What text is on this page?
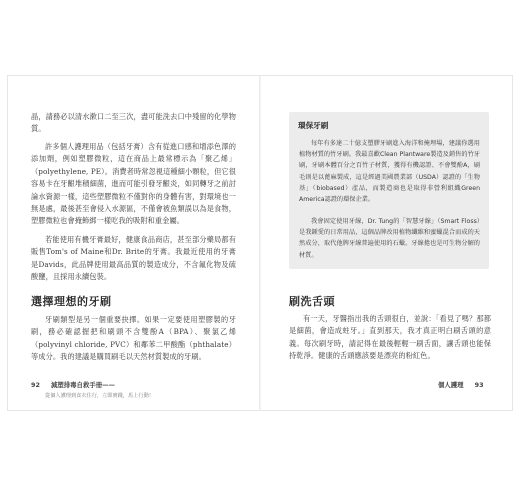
晶，請務必以清水漱口二至三次，盡可能洗去口中殘留的化學物質。

許多個人護理用品（包括牙膏）含有從進口感和增添色澤的添加劑，例如塑膠微粒，這在商品上最常標示為「聚乙烯」（polyethylene, PE）。消費者時常忽視這種細小顆粒，但它很容易卡在牙齦堆積細菌，進而可能引發牙齦炎，如同轉牙之前討論水資源一樣，這些塑膠微粒不僅對你的身體有害，對環境也一無是處，最後甚至會侵入水源區，不僅會被魚類誤以為是食物，塑膠微粒也會掩飾綁一樣吃我的吸附和重金屬。

若能使用有機牙膏最好，健康食品商店，甚至部分藥局都有販售Tom's of Maine和Dr. Brite的牙膏。我最近使用的牙膏是Davids，此品牌使用最高品質的製造成分，不含氟化物及硫酸鹽，且採用永續包裝。

選擇理想的牙刷

牙刷類型是另一個重要抉擇。如果一定要使用塑膠製的牙刷，務必確認握把和刷頭不含雙酚A（BPA）、聚氯乙烯（polyvinyl chloride, PVC）和鄰苯二甲酸酯（phthalate）等成分。我的建議是購買刷毛以天然材質製成的牙刷。

92 減塑排毒自救手冊——
從個人護理到食衣住行，立即實踐，馬上行動！
環保牙刷

每年有多達二十億支塑膠牙刷進入海洋和掩埋場，建議你選用植物材質的竹牙刷。我最喜歡Clean Plantware製造及銷售的竹牙刷，牙刷本體百分之百竹子材質，獲得有機認證、不會雙酚A，刷毛則是以蓖麻製成，這是經過美國農業部（USDA）認證的「生物基」（biobased）產品，而製造商也是取得非營利組織Green America認證的環保企業。

我會固定使用牙線，Dr. Tung的「智慧牙線」（Smart Floss）是我鍾愛的日常用品，這個品牌改用植物纖維和蜜蠟混合而成的天然成分，取代他牌牙線普遍使用的石蠟。牙線捲也是可生物分解的材質。

刷洗舌頭

有一天，牙醫指出我的舌頭很白，並說：「看見了嗎？那都是細菌，會造成蛀牙。」直到那天，我才真正明白刷舌頭的意義。每次刷牙時，請記得在最後輕輕一刷舌面，讓舌頭也能保持乾淨。健康的舌頭應該要是漂亮的粉紅色。

個人護理 93
